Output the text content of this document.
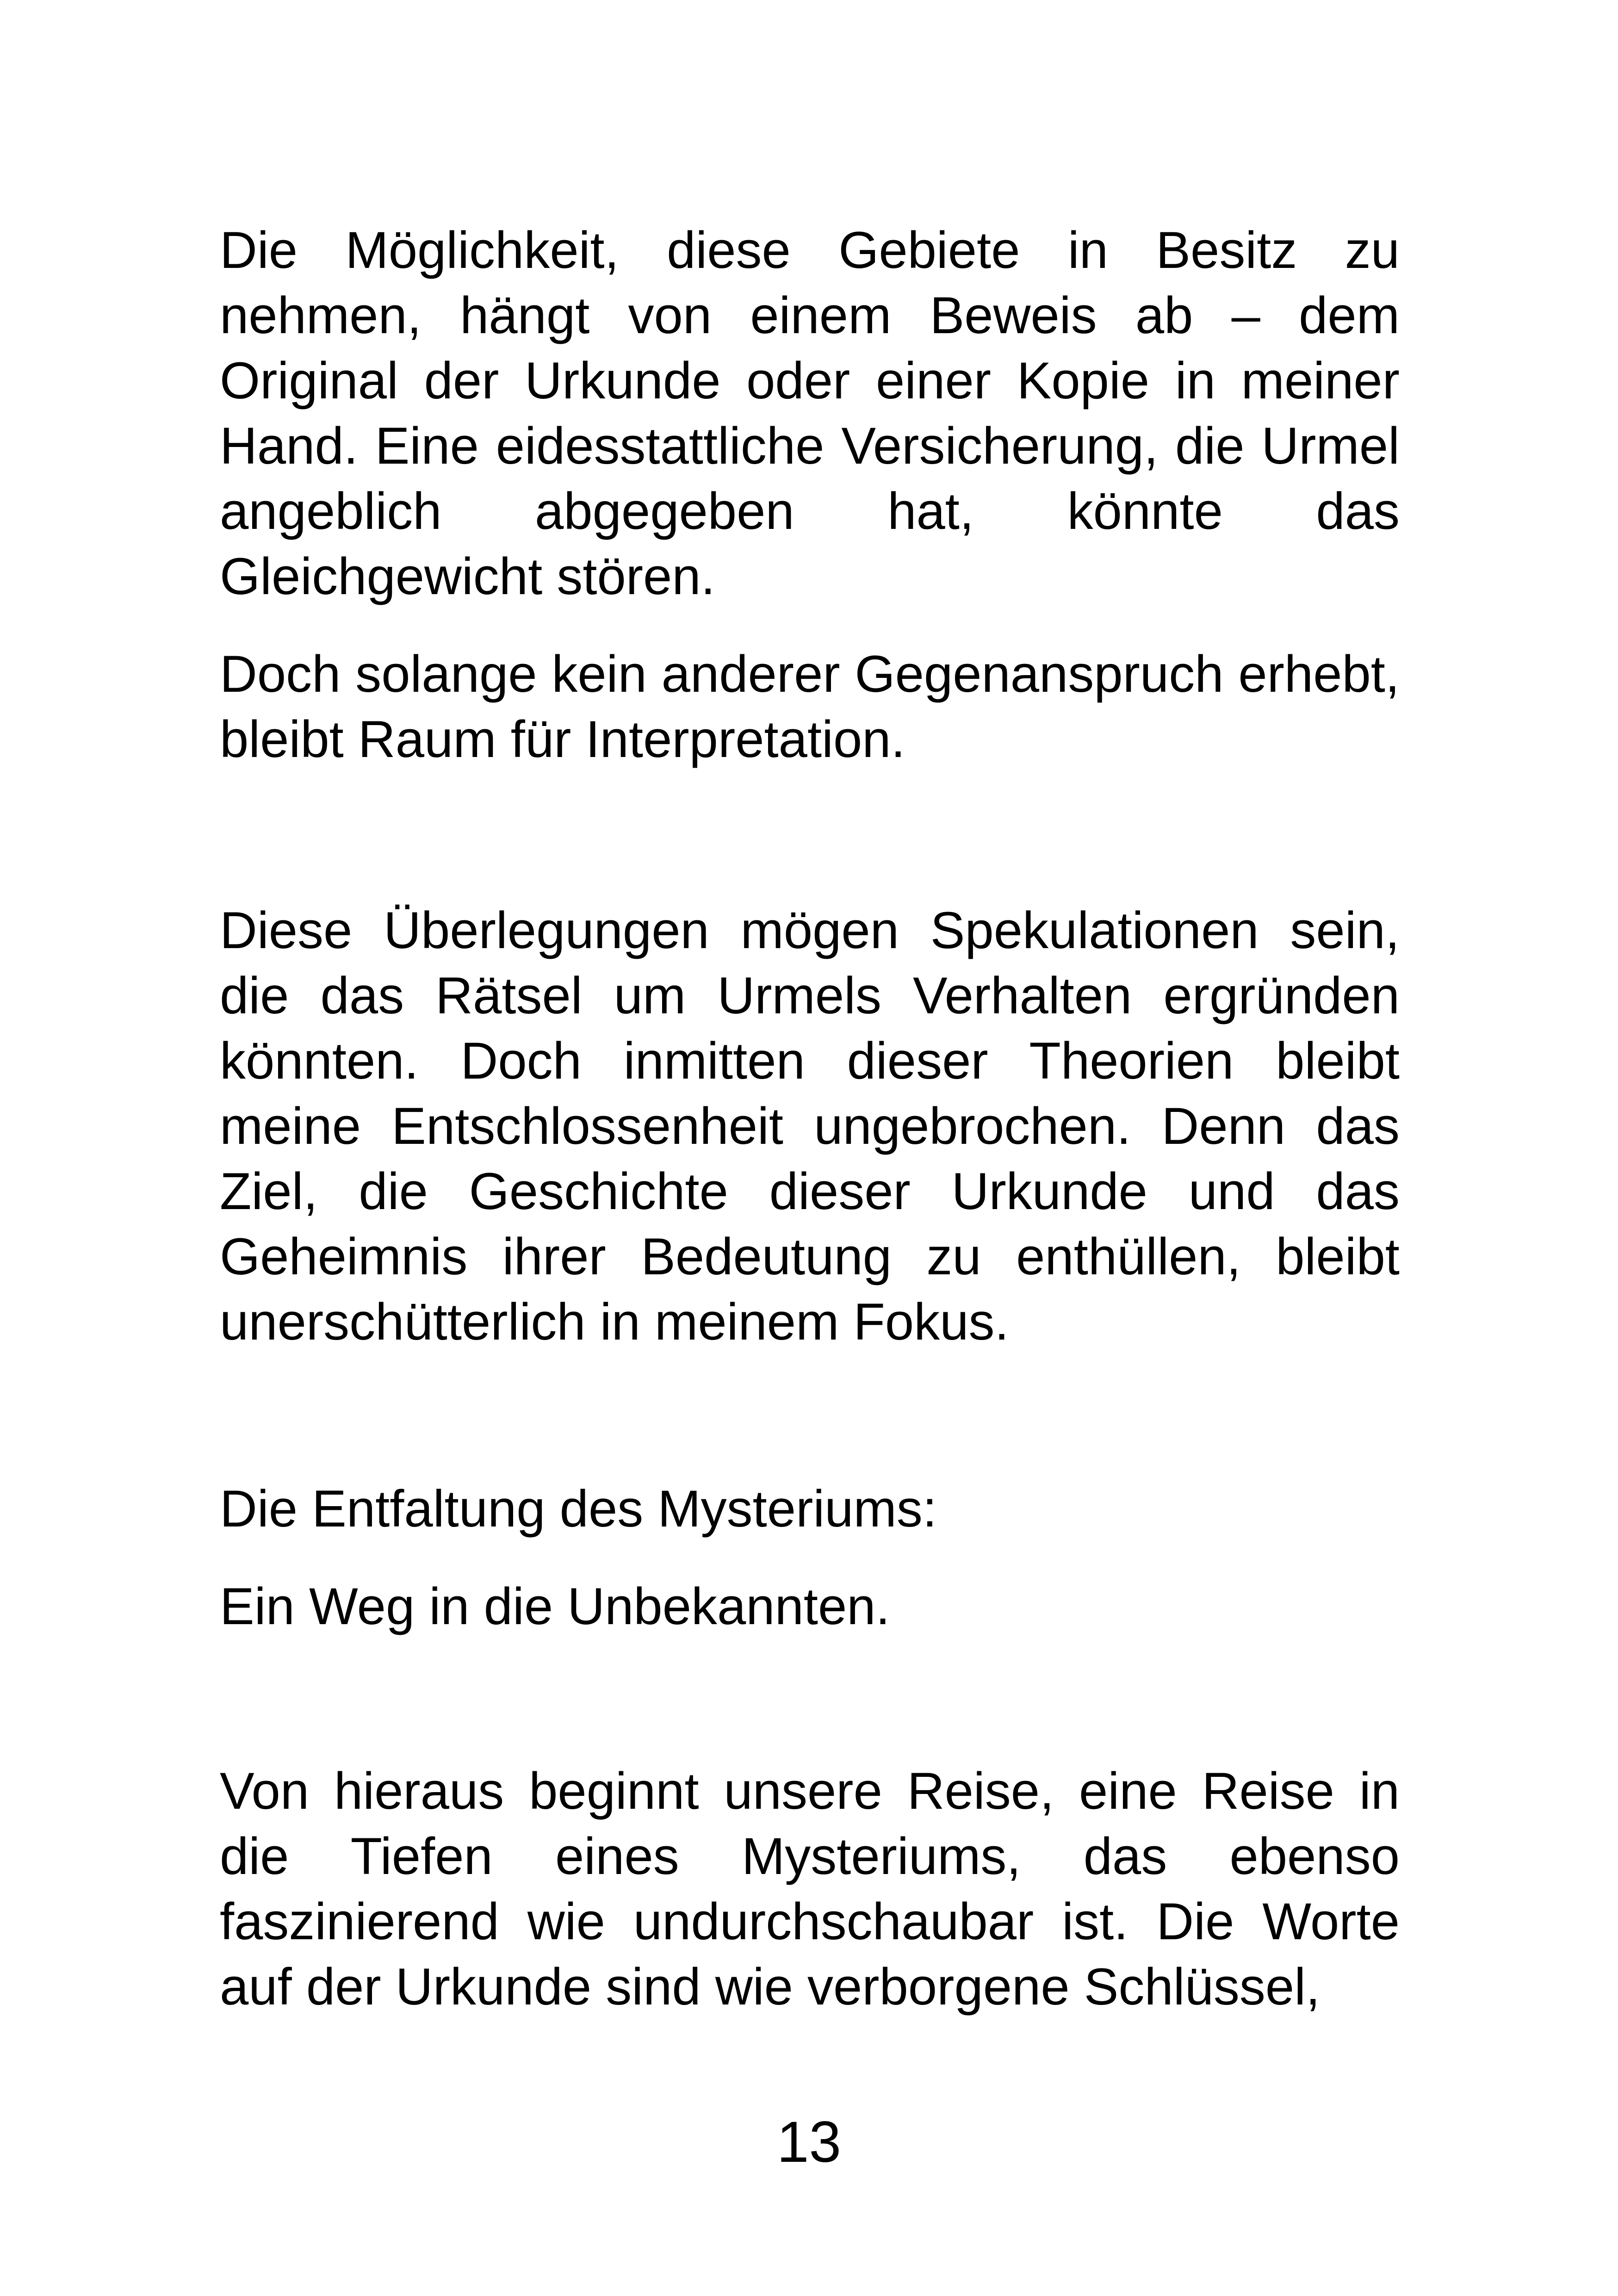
Die Möglichkeit, diese Gebiete in Besitz zu nehmen, hängt von einem Beweis ab – dem Original der Urkunde oder einer Kopie in meiner Hand. Eine eidesstattliche Versicherung, die Urmel angeblich abgegeben hat, könnte das Gleichgewicht stören.

Doch solange kein anderer Gegenanspruch erhebt, bleibt Raum für Interpretation.

Diese Überlegungen mögen Spekulationen sein, die das Rätsel um Urmels Verhalten ergründen könnten. Doch inmitten dieser Theorien bleibt meine Entschlossenheit ungebrochen. Denn das Ziel, die Geschichte dieser Urkunde und das Geheimnis ihrer Bedeutung zu enthüllen, bleibt unerschütterlich in meinem Fokus.

Die Entfaltung des Mysteriums:

Ein Weg in die Unbekannten.

Von hieraus beginnt unsere Reise, eine Reise in die Tiefen eines Mysteriums, das ebenso faszinierend wie undurchschaubar ist. Die Worte auf der Urkunde sind wie verborgene Schlüssel,

13
